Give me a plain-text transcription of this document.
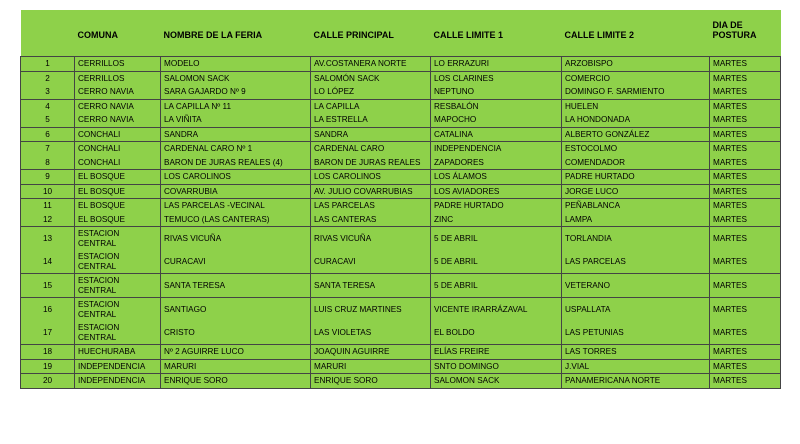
	COMUNA	NOMBRE DE LA FERIA	CALLE PRINCIPAL	CALLE LIMITE 1	CALLE LIMITE 2	DIA DE POSTURA

1	CERRILLOS	MODELO	AV.COSTANERA NORTE	LO ERRAZURI	ARZOBISPO	MARTES
2	CERRILLOS	SALOMON SACK	SALOMÓN SACK	LOS CLARINES	COMERCIO	MARTES
3	CERRO NAVIA	SARA GAJARDO Nº 9	LO LÓPEZ	NEPTUNO	DOMINGO F. SARMIENTO	MARTES
4	CERRO NAVIA	LA CAPILLA Nº 11	LA CAPILLA	RESBALÓN	HUELEN	MARTES
5	CERRO NAVIA	LA VIÑITA	LA ESTRELLA	MAPOCHO	LA HONDONADA	MARTES
6	CONCHALI	SANDRA	SANDRA	CATALINA	ALBERTO GONZÁLEZ	MARTES
7	CONCHALI	CARDENAL CARO Nº 1	CARDENAL CARO	INDEPENDENCIA	ESTOCOLMO	MARTES
8	CONCHALI	BARON DE JURAS REALES (4)	BARON DE JURAS REALES	ZAPADORES	COMENDADOR	MARTES
9	EL BOSQUE	LOS CAROLINOS	LOS CAROLINOS	LOS ÁLAMOS	PADRE HURTADO	MARTES
10	EL BOSQUE	COVARRUBIA	AV. JULIO COVARRUBIAS	LOS AVIADORES	JORGE LUCO	MARTES
11	EL BOSQUE	LAS PARCELAS -VECINAL	LAS PARCELAS	PADRE HURTADO	PEÑABLANCA	MARTES
12	EL BOSQUE	TEMUCO (LAS CANTERAS)	LAS CANTERAS	ZINC	LAMPA	MARTES
13	ESTACION CENTRAL	RIVAS VICUÑA	RIVAS VICUÑA	5 DE ABRIL	TORLANDIA	MARTES
14	ESTACION CENTRAL	CURACAVI	CURACAVI	5 DE ABRIL	LAS PARCELAS	MARTES
15	ESTACION CENTRAL	SANTA TERESA	SANTA TERESA	5 DE ABRIL	VETERANO	MARTES
16	ESTACION CENTRAL	SANTIAGO	LUIS CRUZ MARTINES	VICENTE IRARRÁZAVAL	USPALLATA	MARTES
17	ESTACION CENTRAL	CRISTO	LAS VIOLETAS	EL BOLDO	LAS PETUNIAS	MARTES
18	HUECHURABA	Nº 2 AGUIRRE LUCO	JOAQUIN AGUIRRE	ELÍAS FREIRE	LAS TORRES	MARTES
19	INDEPENDENCIA	MARURI	MARURI	SNTO DOMINGO	J.VIAL	MARTES
20	INDEPENDENCIA	ENRIQUE SORO	ENRIQUE SORO	SALOMON SACK	PANAMERICANA NORTE	MARTES
